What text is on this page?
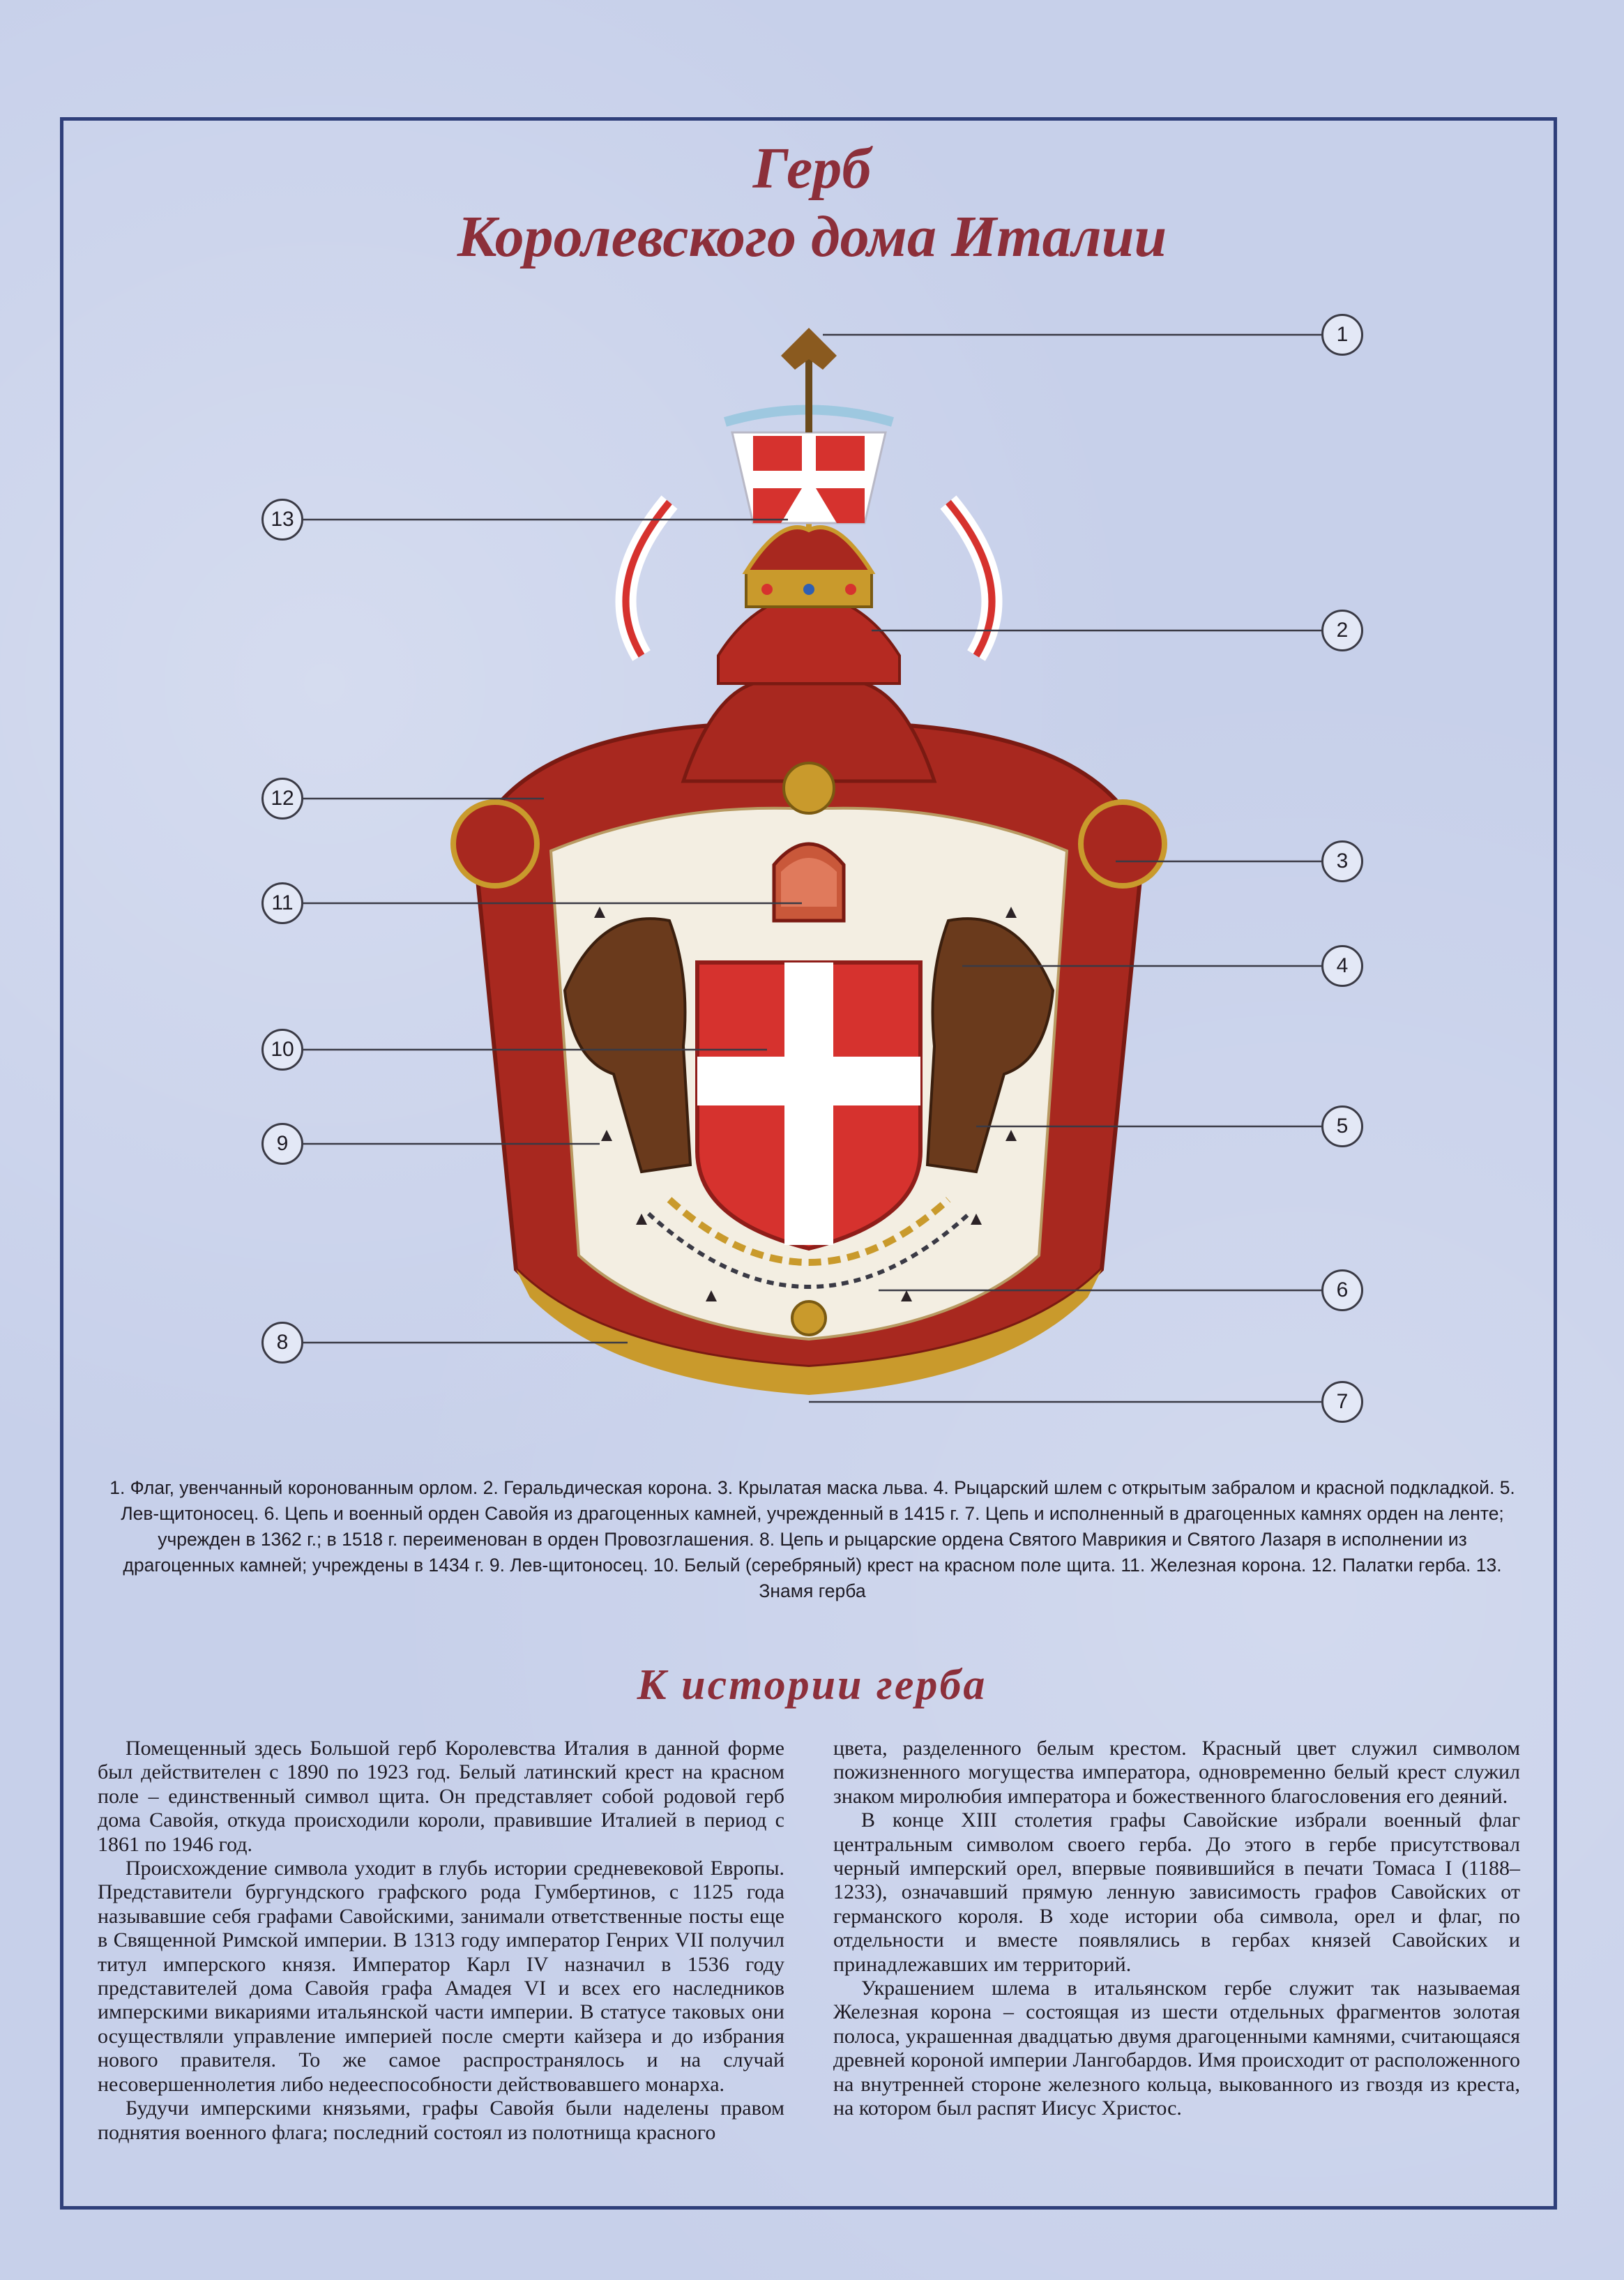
Герб
Королевского дома Италии
1
2
3
4
5
6
7
8
9
10
11
12
13

1. Флаг, увенчанный коронованным орлом. 2. Геральдическая корона. 3. Крылатая маска льва. 4. Рыцарский шлем с открытым забралом и красной подкладкой. 5. Лев-щитоносец. 6. Цепь и военный орден Савойя из драгоценных камней, учрежденный в 1415 г. 7. Цепь и исполненный в драгоценных камнях орден на ленте; учрежден в 1362 г.; в 1518 г. переименован в орден Провозглашения. 8. Цепь и рыцарские ордена Святого Маврикия и Святого Лазаря в исполнении из драгоценных камней; учреждены в 1434 г. 9. Лев-щитоносец. 10. Белый (серебряный) крест на красном поле щита. 11. Железная корона. 12. Палатки герба. 13. Знамя герба

К истории герба

Помещенный здесь Большой герб Королевства Италия в данной форме был действителен с 1890 по 1923 год. Белый латинский крест на красном поле – единственный символ щита. Он представляет собой родовой герб дома Савойя, откуда происходили короли, правившие Италией в период с 1861 по 1946 год.

Происхождение символа уходит в глубь истории средневековой Европы. Представители бургундского графского рода Гумбертинов, с 1125 года называвшие себя графами Савойскими, занимали ответственные посты еще в Священной Римской империи. В 1313 году император Генрих VII получил титул имперского князя. Император Карл IV назначил в 1536 году представителей дома Савойя графа Амадея VI и всех его наследников имперскими викариями итальянской части империи. В статусе таковых они осуществляли управление империей после смерти кайзера и до избрания нового правителя. То же самое распространялось и на случай несовершеннолетия либо недееспособности действовавшего монарха.

Будучи имперскими князьями, графы Савойя были наделены правом поднятия военного флага; последний состоял из полотнища красного

цвета, разделенного белым крестом. Красный цвет служил символом пожизненного могущества императора, одновременно белый крест служил знаком миролюбия императора и божественного благословения его деяний.

В конце XIII столетия графы Савойские избрали военный флаг центральным символом своего герба. До этого в гербе присутствовал черный имперский орел, впервые появившийся в печати Томаса I (1188–1233), означавший прямую ленную зависимость графов Савойских от германского короля. В ходе истории оба символа, орел и флаг, по отдельности и вместе появлялись в гербах князей Савойских и принадлежавших им территорий.

Украшением шлема в итальянском гербе служит так называемая Железная корона – состоящая из шести отдельных фрагментов золотая полоса, украшенная двадцатью двумя драгоценными камнями, считающаяся древней короной империи Лангобардов. Имя происходит от расположенного на внутренней стороне железного кольца, выкованного из гвоздя из креста, на котором был распят Иисус Христос.
